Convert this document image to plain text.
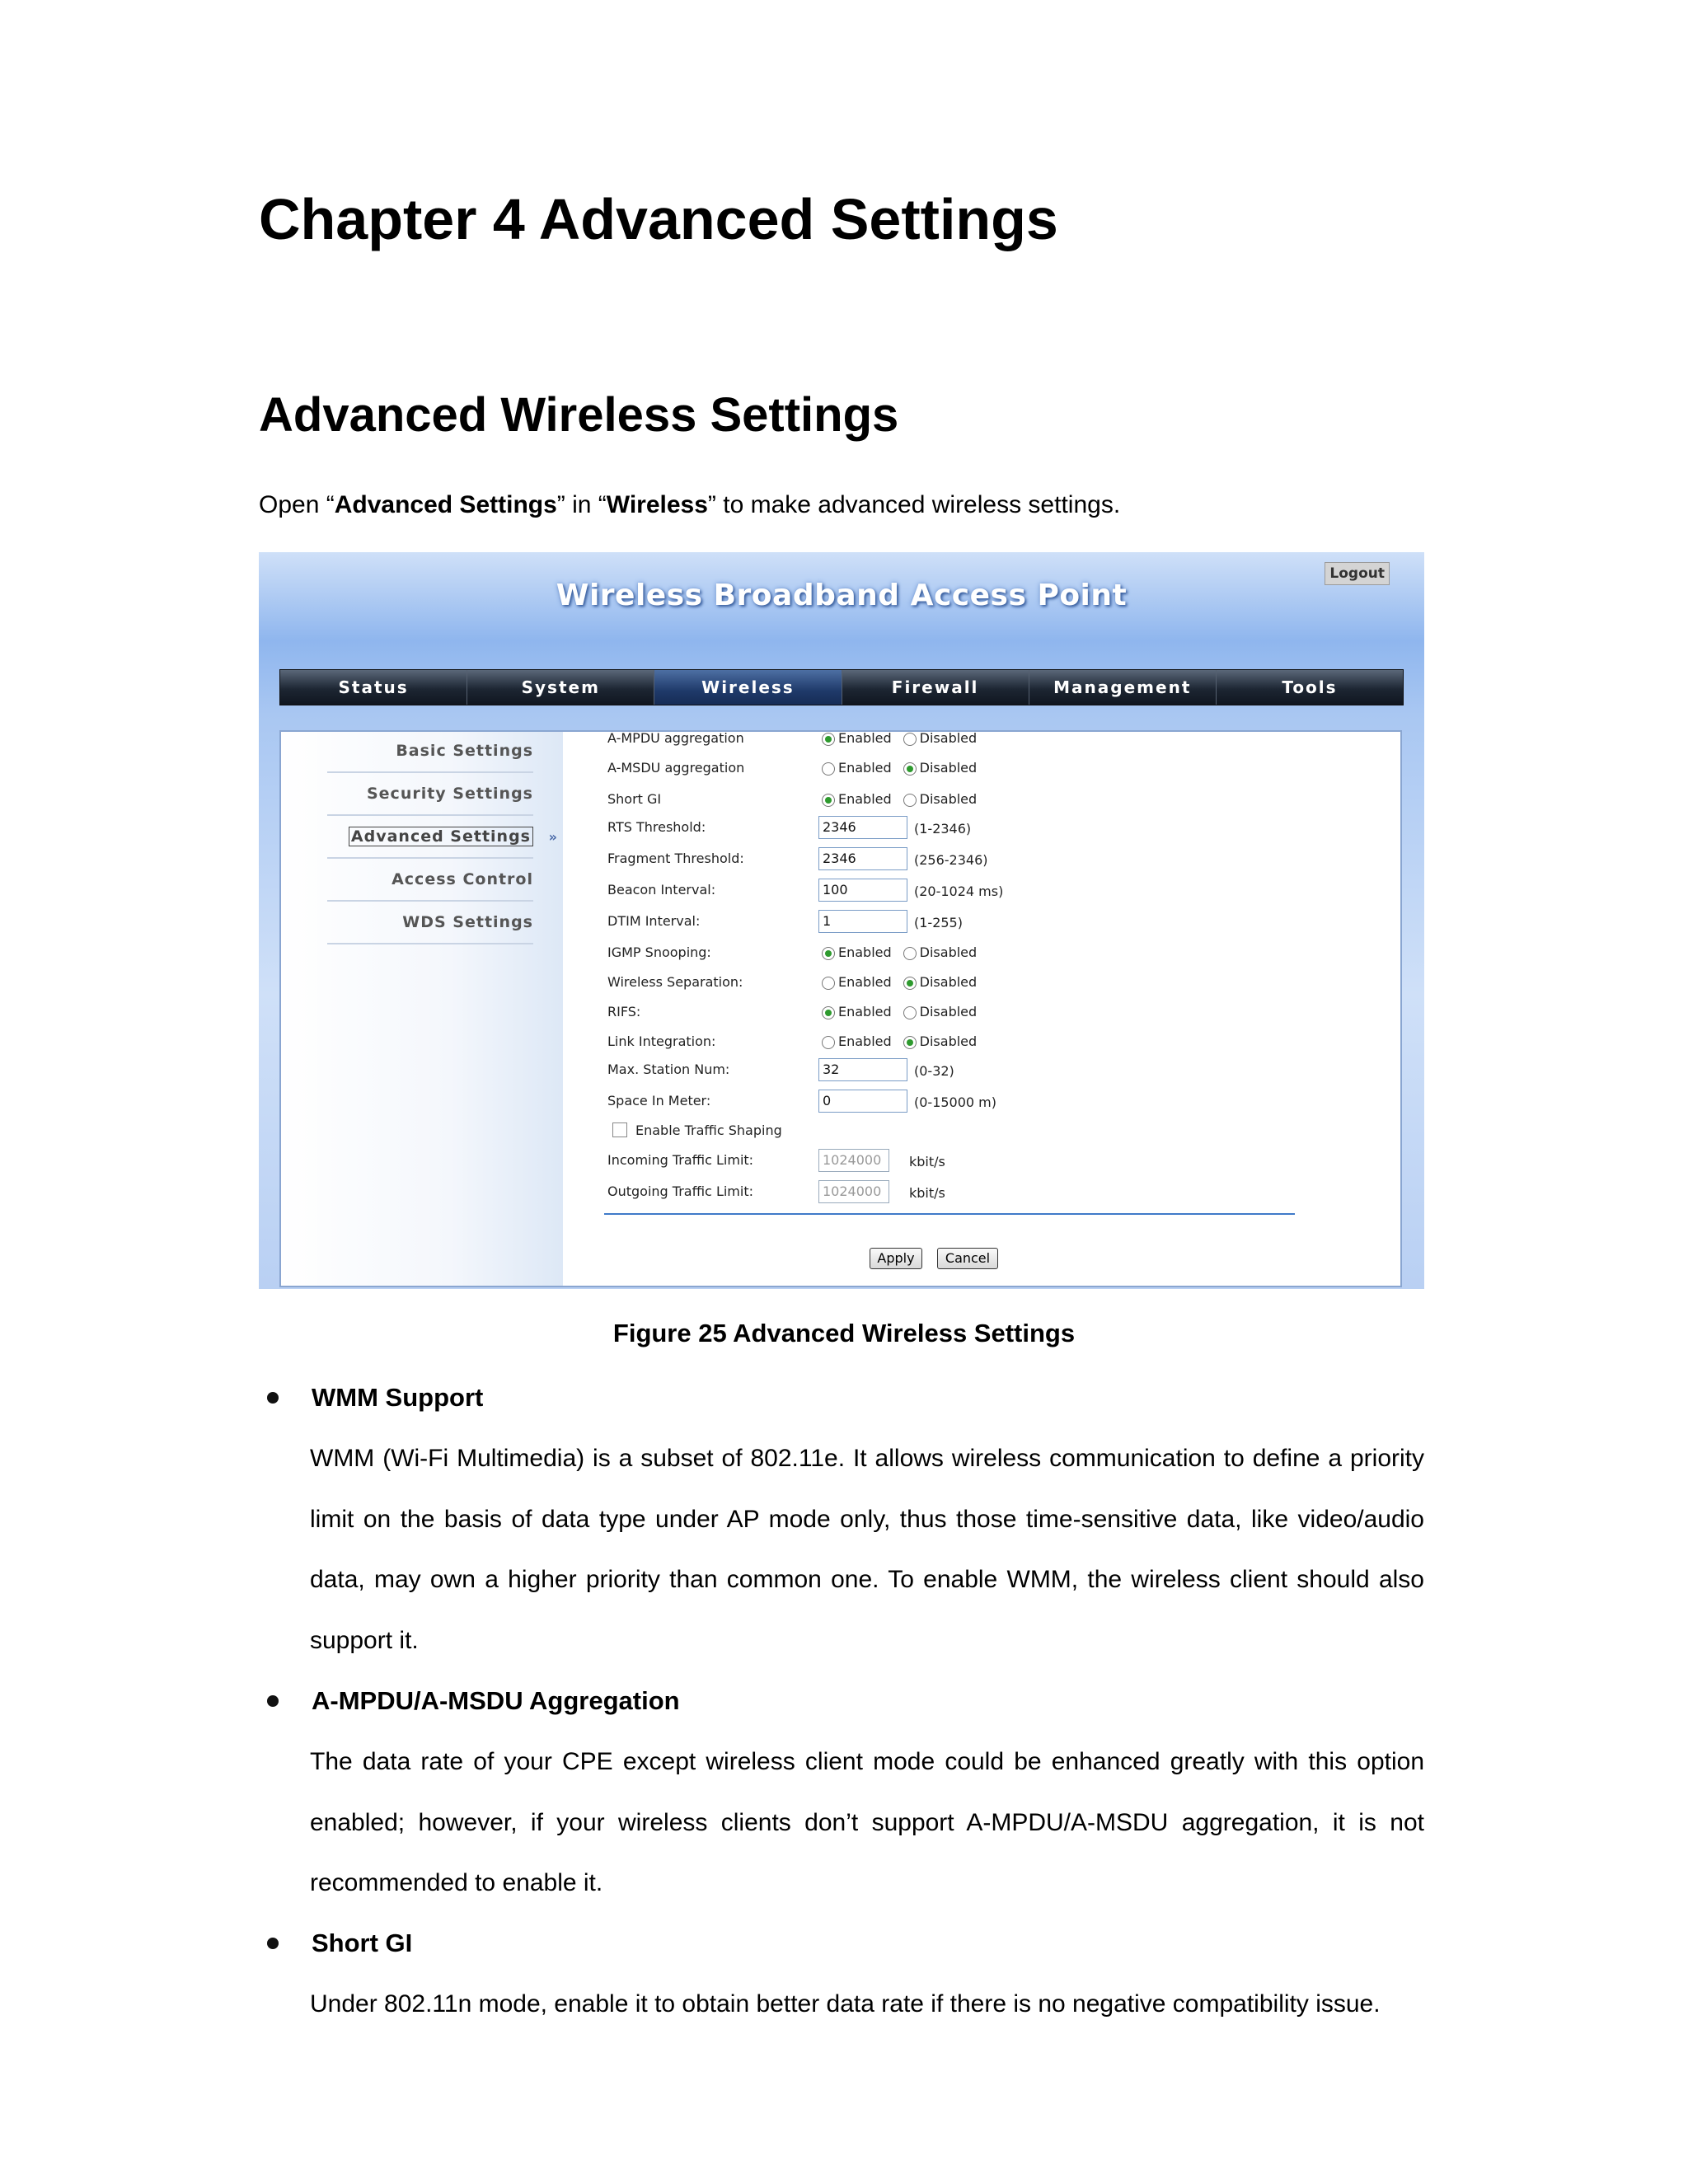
Chapter 4 Advanced Settings
Advanced Wireless Settings

Open “Advanced Settings” in “Wireless” to make advanced wireless settings.

Wireless Broadband Access Point
Logout
Status	System	Wireless	Firewall	Management	Tools
Basic Settings
Security Settings
Advanced Settings »
Access Control
WDS Settings
A-MPDU aggregation	Enabled Disabled
A-MSDU aggregation	Enabled Disabled
Short GI	Enabled Disabled
RTS Threshold:	2346	(1-2346)
Fragment Threshold:	2346	(256-2346)
Beacon Interval:	100	(20-1024 ms)
DTIM Interval:	1	(1-255)
IGMP Snooping:	Enabled Disabled
Wireless Separation:	Enabled Disabled
RIFS:	Enabled Disabled
Link Integration:	Enabled Disabled
Max. Station Num:	32	(0-32)
Space In Meter:	0	(0-15000 m)
Enable Traffic Shaping
Incoming Traffic Limit:	1024000	kbit/s
Outgoing Traffic Limit:	1024000	kbit/s
Apply	Cancel

Figure 25 Advanced Wireless Settings

WMM Support

WMM (Wi-Fi Multimedia) is a subset of 802.11e. It allows wireless communication to define a priority limit on the basis of data type under AP mode only, thus those time-sensitive data, like video/audio data, may own a higher priority than common one. To enable WMM, the wireless client should also support it.

A-MPDU/A-MSDU Aggregation

The data rate of your CPE except wireless client mode could be enhanced greatly with this option enabled; however, if your wireless clients don’t support A-MPDU/A-MSDU aggregation, it is not recommended to enable it.

Short GI

Under 802.11n mode, enable it to obtain better data rate if there is no negative compatibility issue.
